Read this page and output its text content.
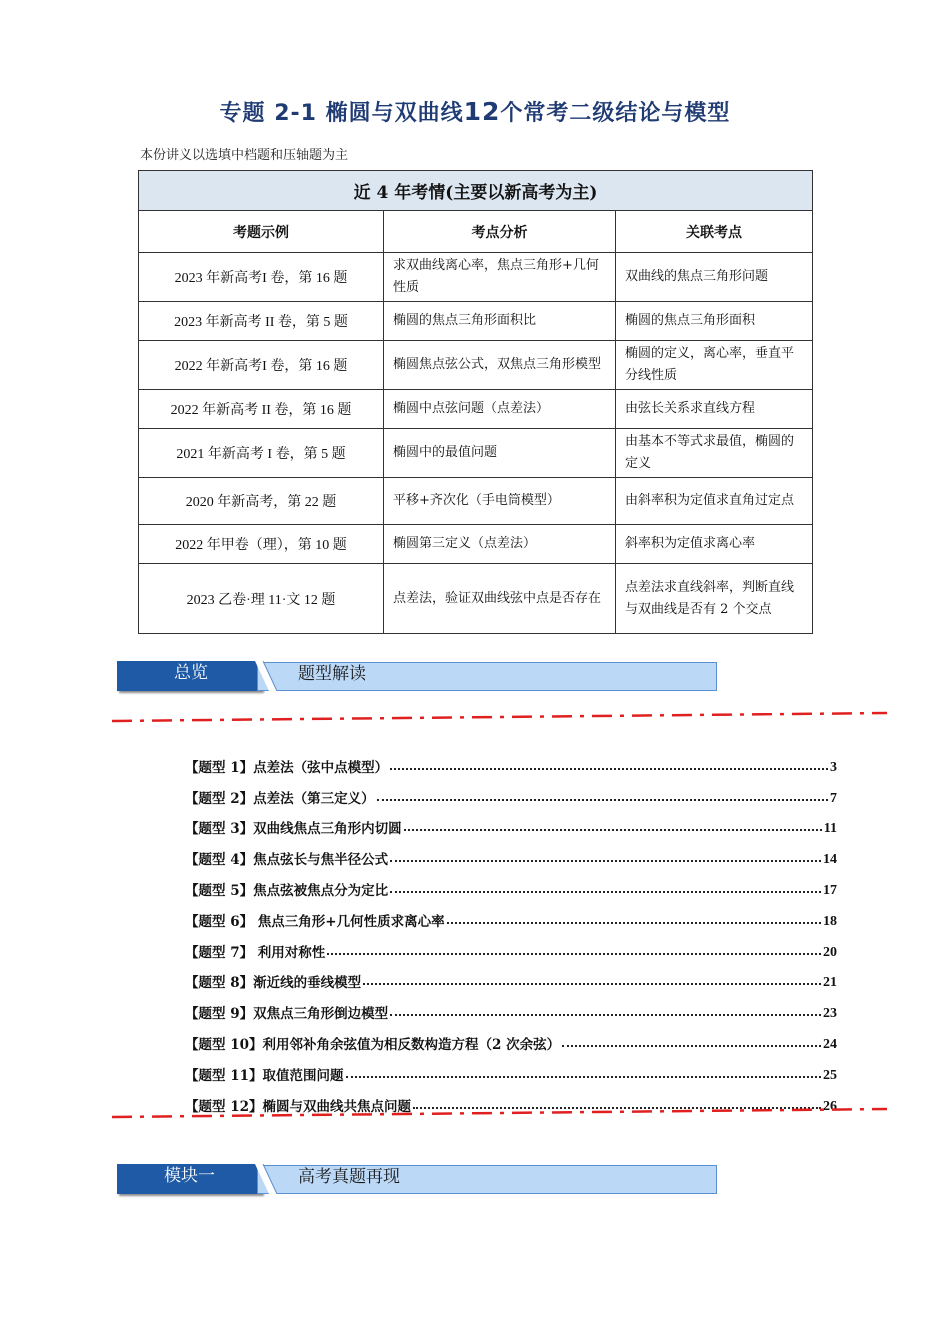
专题 2-1 椭圆与双曲线12个常考二级结论与模型
本份讲义以选填中档题和压轴题为主
近 4 年考情(主要以新高考为主)		
考题示例	考点分析	关联考点
2023 年新高考I 卷，第 16 题	求双曲线离心率，焦点三角形+几何性质	双曲线的焦点三角形问题
2023 年新高考 II 卷，第 5 题	椭圆的焦点三角形面积比	椭圆的焦点三角形面积
2022 年新高考I 卷，第 16 题	椭圆焦点弦公式，双焦点三角形模型	椭圆的定义，离心率，垂直平分线性质
2022 年新高考 II 卷，第 16 题	椭圆中点弦问题（点差法）	由弦长关系求直线方程
2021 年新高考 I 卷，第 5 题	椭圆中的最值问题	由基本不等式求最值，椭圆的定义
2020 年新高考，第 22 题	平移+齐次化（手电筒模型）	由斜率积为定值求直角过定点
2022 年甲卷（理），第 10 题	椭圆第三定义（点差法）	斜率积为定值求离心率
2023 乙卷·理 11·文 12 题	点差法，验证双曲线弦中点是否存在	点差法求直线斜率，判断直线与双曲线是否有 2 个交点
总览	题型解读
【题型 1】点差法（弦中点模型）	3
【题型 2】点差法（第三定义）	7
【题型 3】双曲线焦点三角形内切圆	11
【题型 4】焦点弦长与焦半径公式	14
【题型 5】焦点弦被焦点分为定比	17
【题型 6】 焦点三角形+几何性质求离心率	18
【题型 7】 利用对称性	20
【题型 8】渐近线的垂线模型	21
【题型 9】双焦点三角形倒边模型	23
【题型 10】利用邻补角余弦值为相反数构造方程（2 次余弦）	24
【题型 11】取值范围问题	25
【题型 12】椭圆与双曲线共焦点问题	26
模块一	高考真题再现
